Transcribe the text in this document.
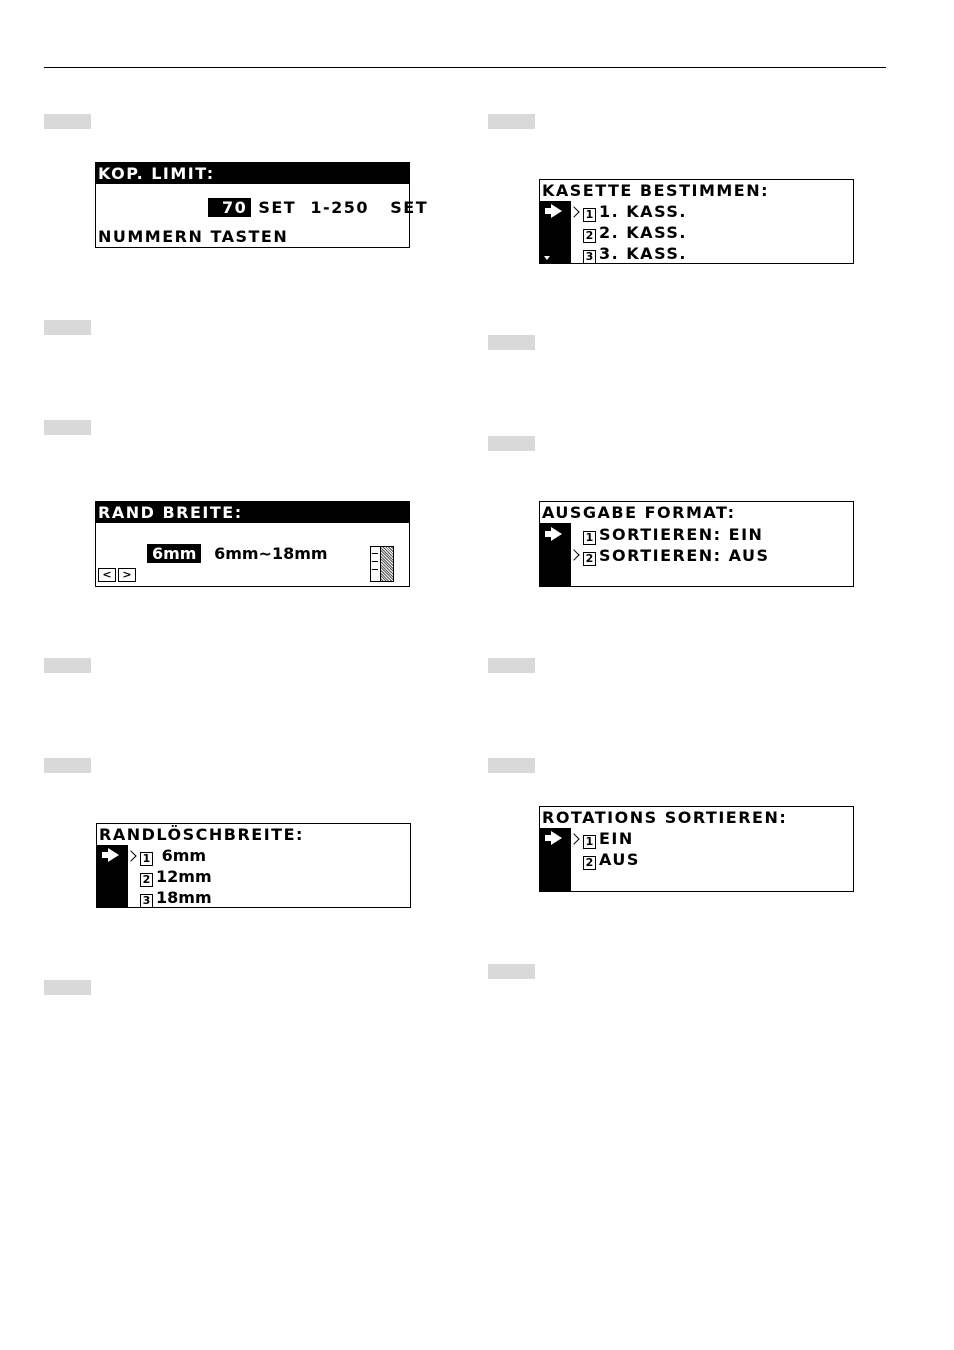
KOP. LIMIT:
70 SET  1-250   SET
NUMMERN TASTEN
KASETTE BESTIMMEN:
1 1. KASS.
2 2. KASS.
3 3. KASS.
RAND BREITE:
6mm 6mm~18mm
< >
AUSGABE FORMAT:
1 SORTIEREN: EIN
2 SORTIEREN: AUS
RANDLÖSCHBREITE:
1 6mm
2 12mm
3 18mm
ROTATIONS SORTIEREN:
1 EIN
2 AUS
